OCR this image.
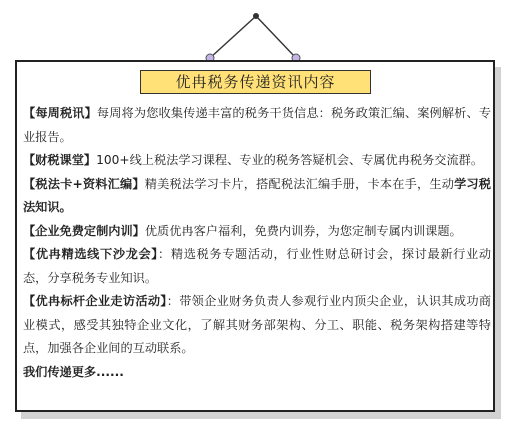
优冉税务传递资讯内容

【每周税讯】每周将为您收集传递丰富的税务干货信息：税务政策汇编、案例解析、专业报告。

【财税课堂】100+线上税法学习课程、专业的税务答疑机会、专属优冉税务交流群。

【税法卡+资料汇编】精美税法学习卡片，搭配税法汇编手册，卡本在手，生动学习税法知识。

【企业免费定制内训】优质优冉客户福利，免费内训券，为您定制专属内训课题。

【优冉精选线下沙龙会】：精选税务专题活动，行业性财总研讨会，探讨最新行业动态，分享税务专业知识。

【优冉标杆企业走访活动】：带领企业财务负责人参观行业内顶尖企业，认识其成功商业模式，感受其独特企业文化，了解其财务部架构、分工、职能、税务架构搭建等特点，加强各企业间的互动联系。

我们传递更多......
